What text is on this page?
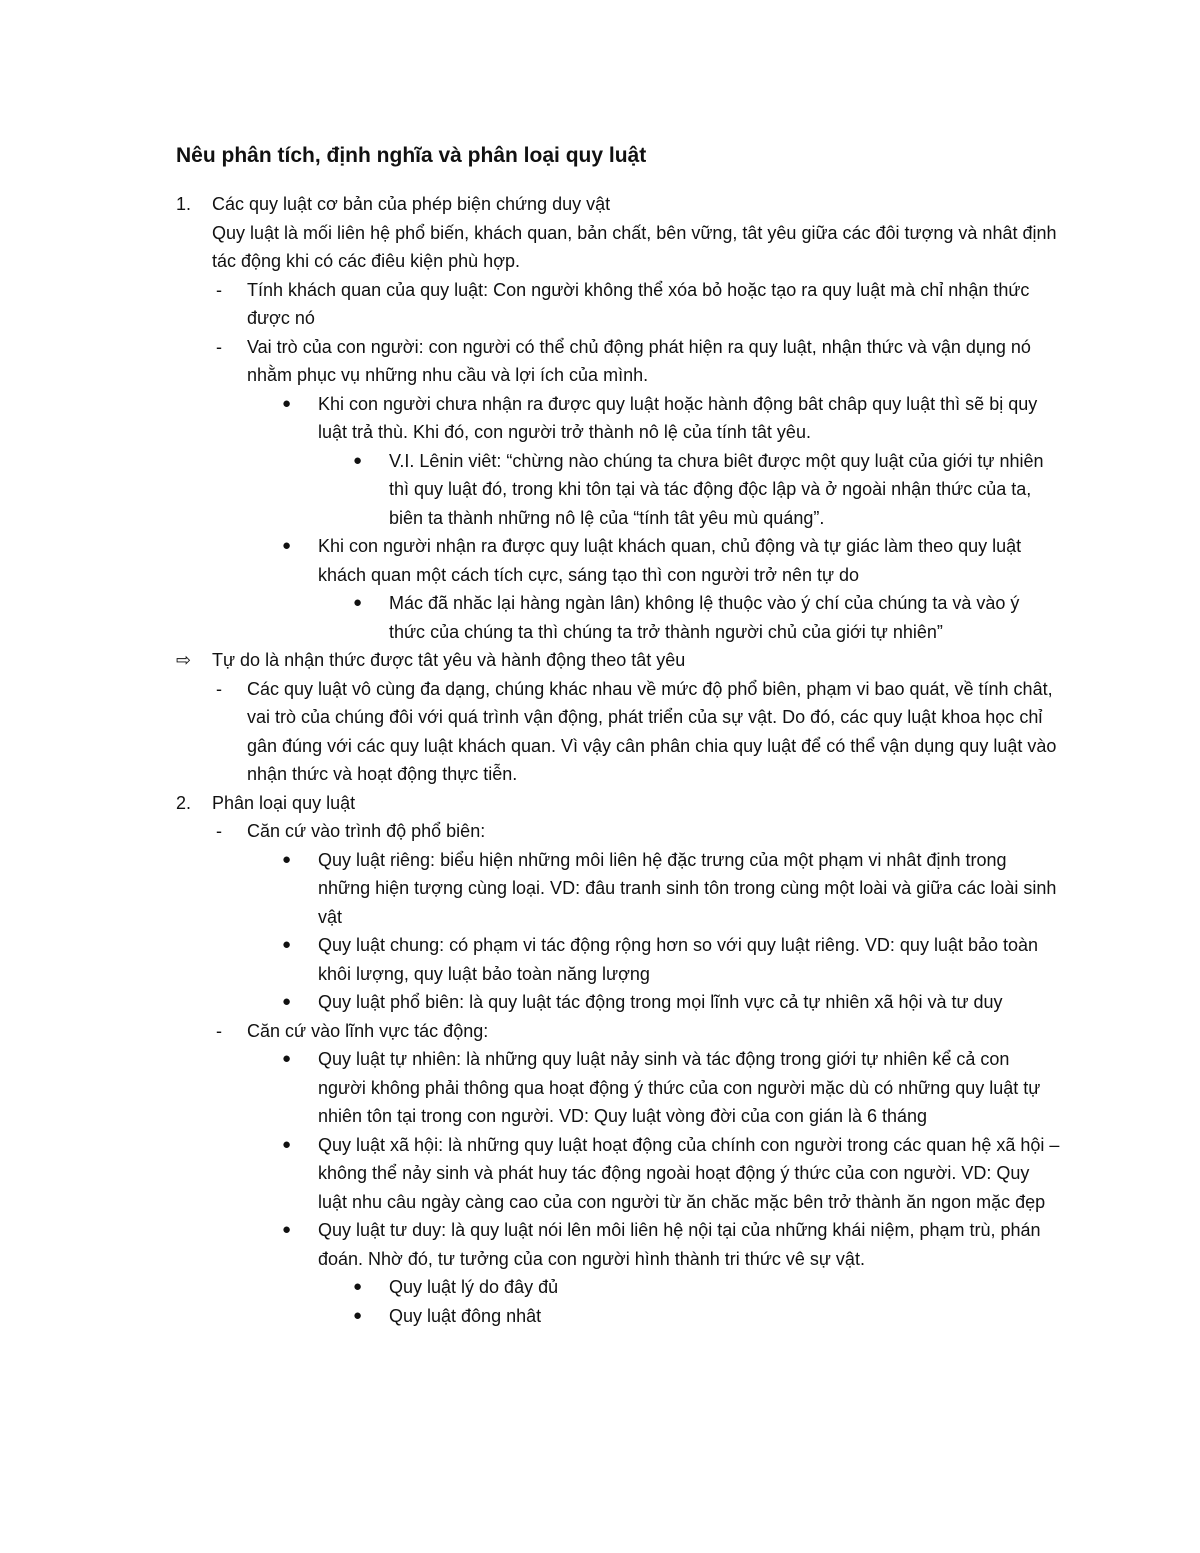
Nêu phân tích, định nghĩa và phân loại quy luật
1.	Các quy luật cơ bản của phép biện chứng duy vật
Quy luật là mối liên hệ phổ biến, khách quan, bản chất, bên vững, tât yêu giữa các đôi tượng và nhât định tác động khi có các điêu kiện phù hợp.
-	Tính khách quan của quy luật: Con người không thể xóa bỏ hoặc tạo ra quy luật mà chỉ nhận thức được nó
-	Vai trò của con người: con người có thể chủ động phát hiện ra quy luật, nhận thức và vận dụng nó nhằm phục vụ những nhu cầu và lợi ích của mình.
●	Khi con người chưa nhận ra được quy luật hoặc hành động bât châp quy luật thì sẽ bị quy luật trả thù. Khi đó, con người trở thành nô lệ của tính tât yêu.
●	V.I. Lênin viêt: “chừng nào chúng ta chưa biêt được một quy luật của giới tự nhiên thì quy luật đó, trong khi tôn tại và tác động độc lập và ở ngoài nhận thức của ta, biên ta thành những nô lệ của “tính tât yêu mù quáng”.
●	Khi con người nhận ra được quy luật khách quan, chủ động và tự giác làm theo quy luật khách quan một cách tích cực, sáng tạo thì con người trở nên tự do
●	Mác đã nhăc lại hàng ngàn lân) không lệ thuộc vào ý chí của chúng ta và vào ý thức của chúng ta thì chúng ta trở thành người chủ của giới tự nhiên”
⇨	Tự do là nhận thức được tât yêu và hành động theo tât yêu
-	Các quy luật vô cùng đa dạng, chúng khác nhau về mức độ phổ biên, phạm vi bao quát, về tính chât, vai trò của chúng đôi với quá trình vận động, phát triển của sự vật. Do đó, các quy luật khoa học chỉ gân đúng với các quy luật khách quan. Vì vậy cân phân chia quy luật để có thể vận dụng quy luật vào nhận thức và hoạt động thực tiễn.
2.	Phân loại quy luật
-	Căn cứ vào trình độ phổ biên:
●	Quy luật riêng: biểu hiện những môi liên hệ đặc trưng của một phạm vi nhât định trong những hiện tượng cùng loại. VD: đâu tranh sinh tôn trong cùng một loài và giữa các loài sinh vật
●	Quy luật chung: có phạm vi tác động rộng hơn so với quy luật riêng. VD: quy luật bảo toàn khôi lượng, quy luật bảo toàn năng lượng
●	Quy luật phổ biên: là quy luật tác động trong mọi lĩnh vực cả tự nhiên xã hội và tư duy
-	Căn cứ vào lĩnh vực tác động:
●	Quy luật tự nhiên: là những quy luật nảy sinh và tác động trong giới tự nhiên kể cả con người không phải thông qua hoạt động ý thức của con người mặc dù có những quy luật tự nhiên tôn tại trong con người. VD: Quy luật vòng đời của con gián là 6 tháng
●	Quy luật xã hội: là những quy luật hoạt động của chính con người trong các quan hệ xã hội – không thể nảy sinh và phát huy tác động ngoài hoạt động ý thức của con người. VD: Quy luật nhu câu ngày càng cao của con người từ ăn chăc mặc bên trở thành ăn ngon mặc đẹp
●	Quy luật tư duy: là quy luật nói lên môi liên hệ nội tại của những khái niệm, phạm trù, phán đoán. Nhờ đó, tư tưởng của con người hình thành tri thức vê sự vật.
●	Quy luật lý do đây đủ
●	Quy luật đông nhât
